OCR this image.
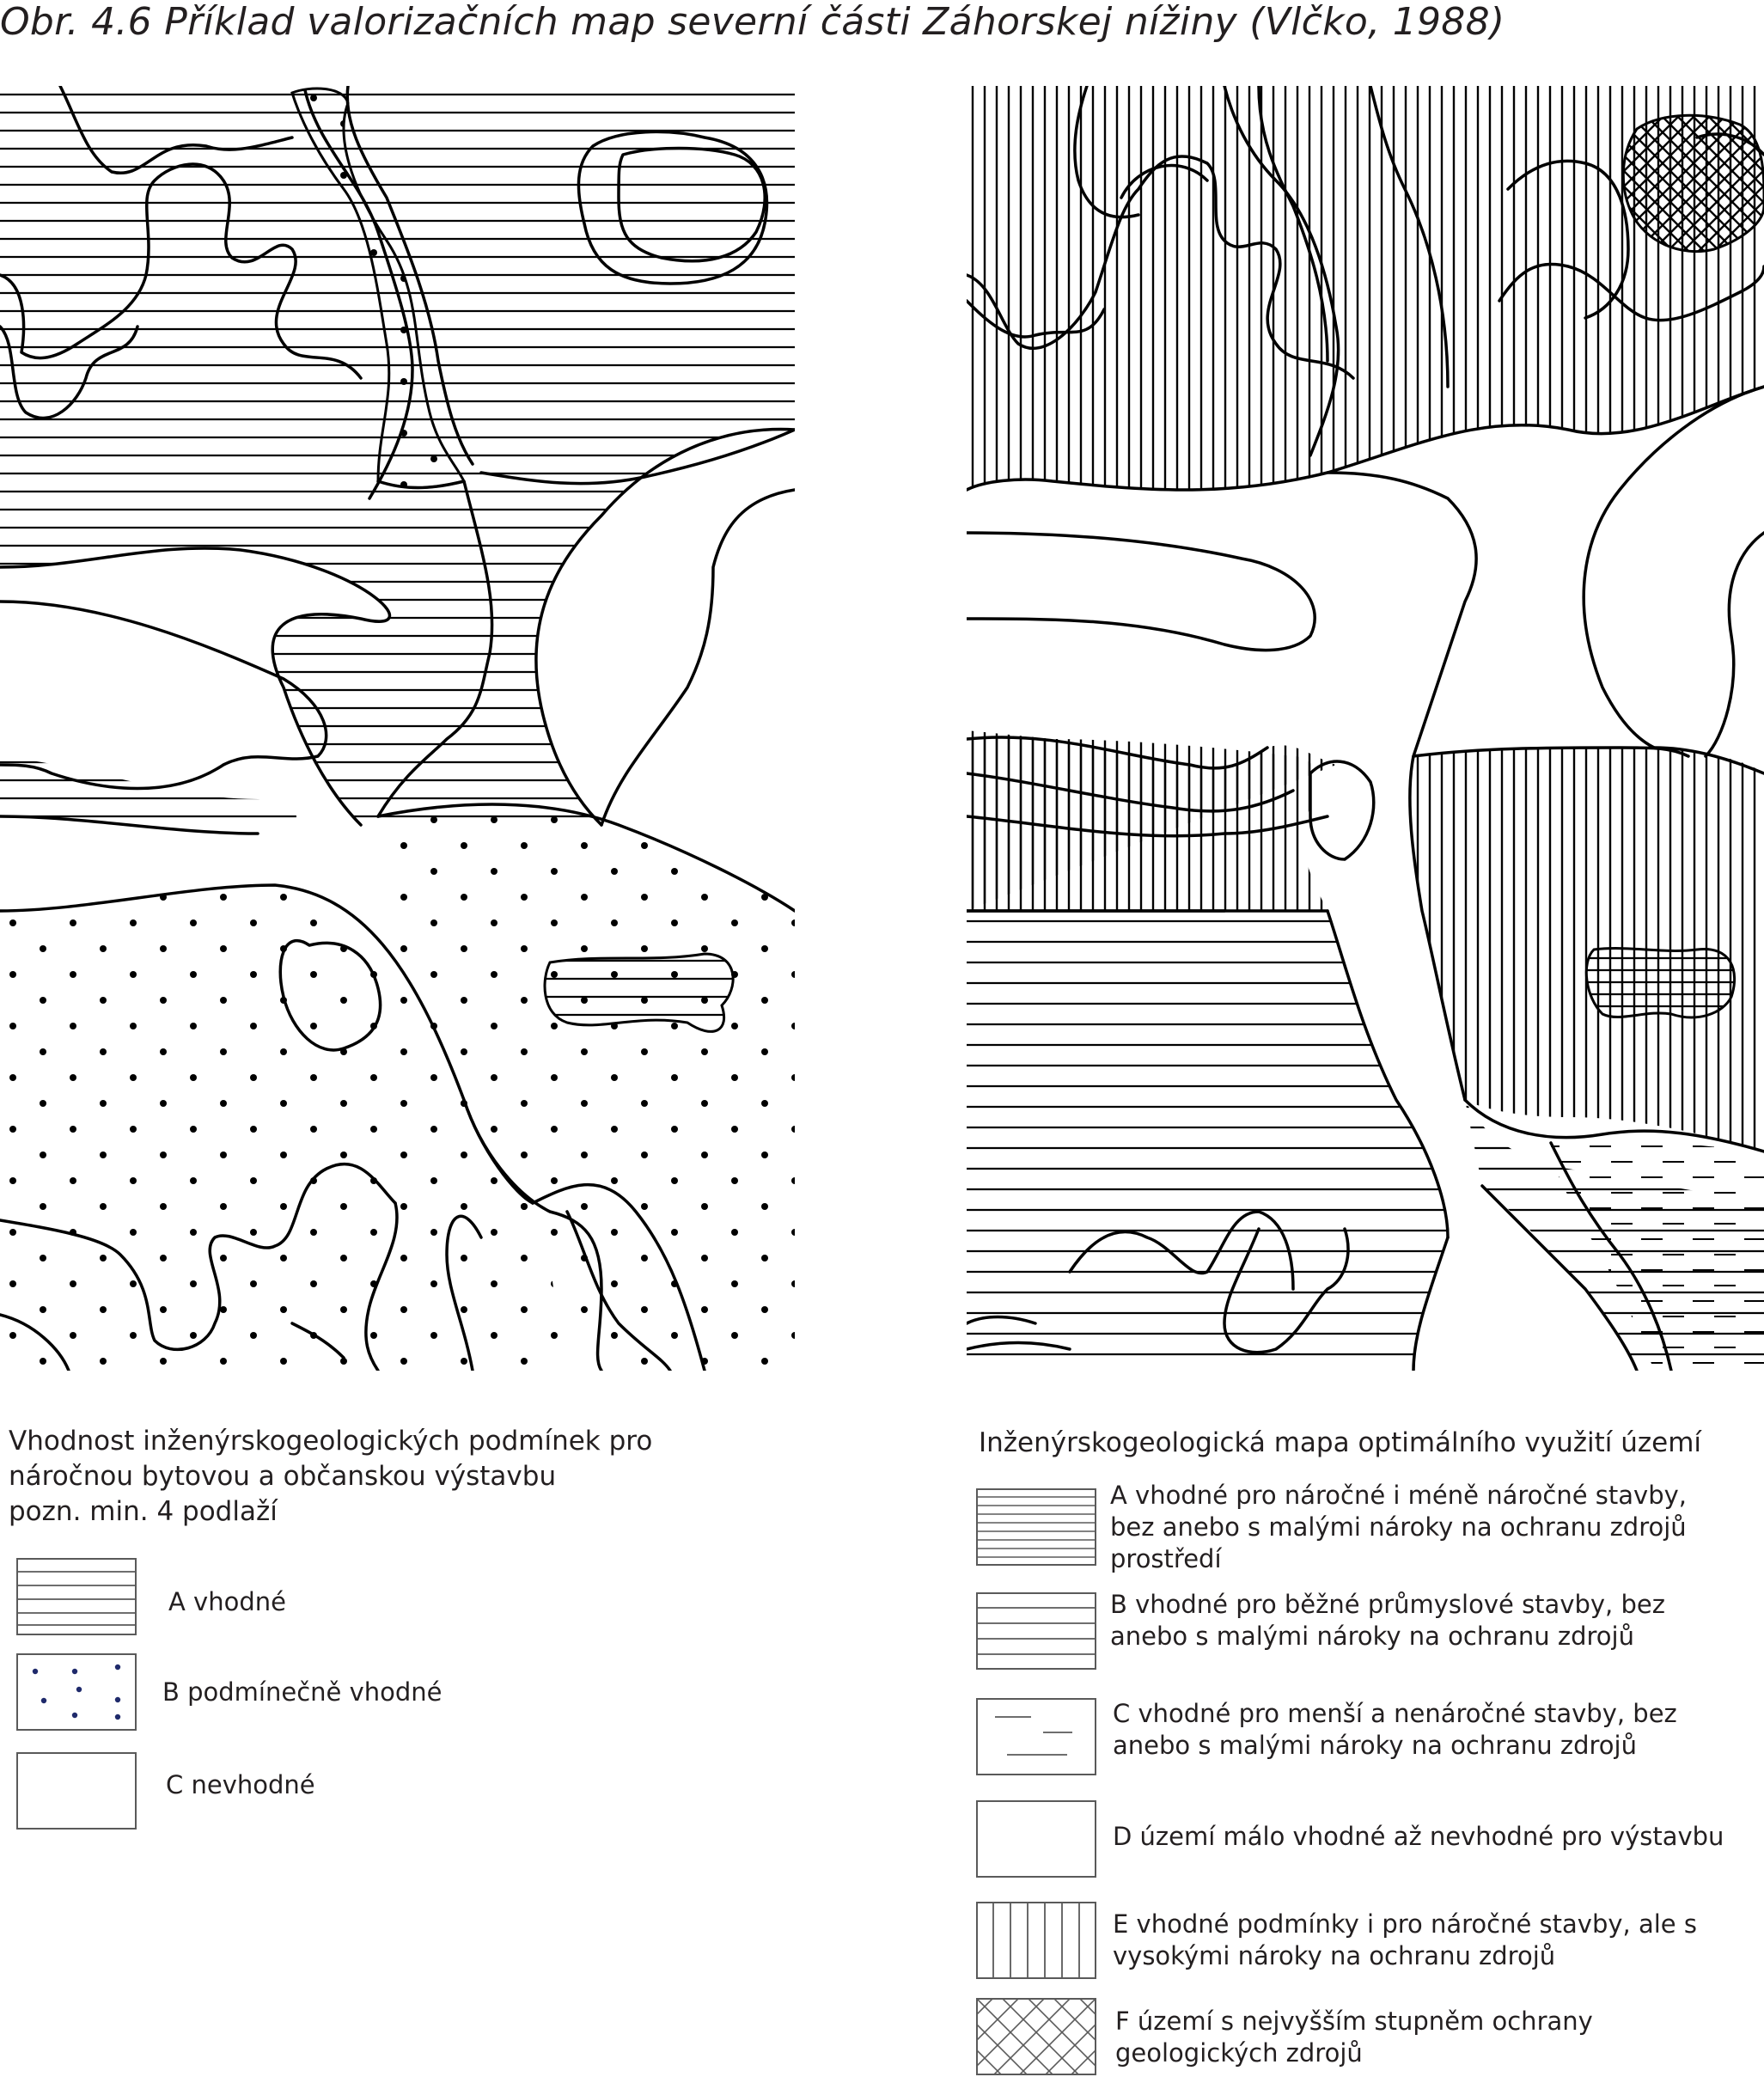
Obr. 4.6 Příklad valorizačních map severní části Záhorskej nížiny (Vlčko, 1988)
Vhodnost inženýrskogeologických podmínek pro
náročnou bytovou a občanskou výstavbu
pozn. min. 4 podlaží
A vhodné
B podmínečně vhodné
C nevhodné
Inženýrskogeologická mapa optimálního využití území
A vhodné pro náročné i méně náročné stavby,
bez anebo s malými nároky na ochranu zdrojů
prostředí
B vhodné pro běžné průmyslové stavby, bez
anebo s malými nároky na ochranu zdrojů
C vhodné pro menší a nenáročné stavby, bez
anebo s malými nároky na ochranu zdrojů
D území málo vhodné až nevhodné pro výstavbu
E vhodné podmínky i pro náročné stavby, ale s
vysokými nároky na ochranu zdrojů
F území s nejvyšším stupněm ochrany
geologických zdrojů
